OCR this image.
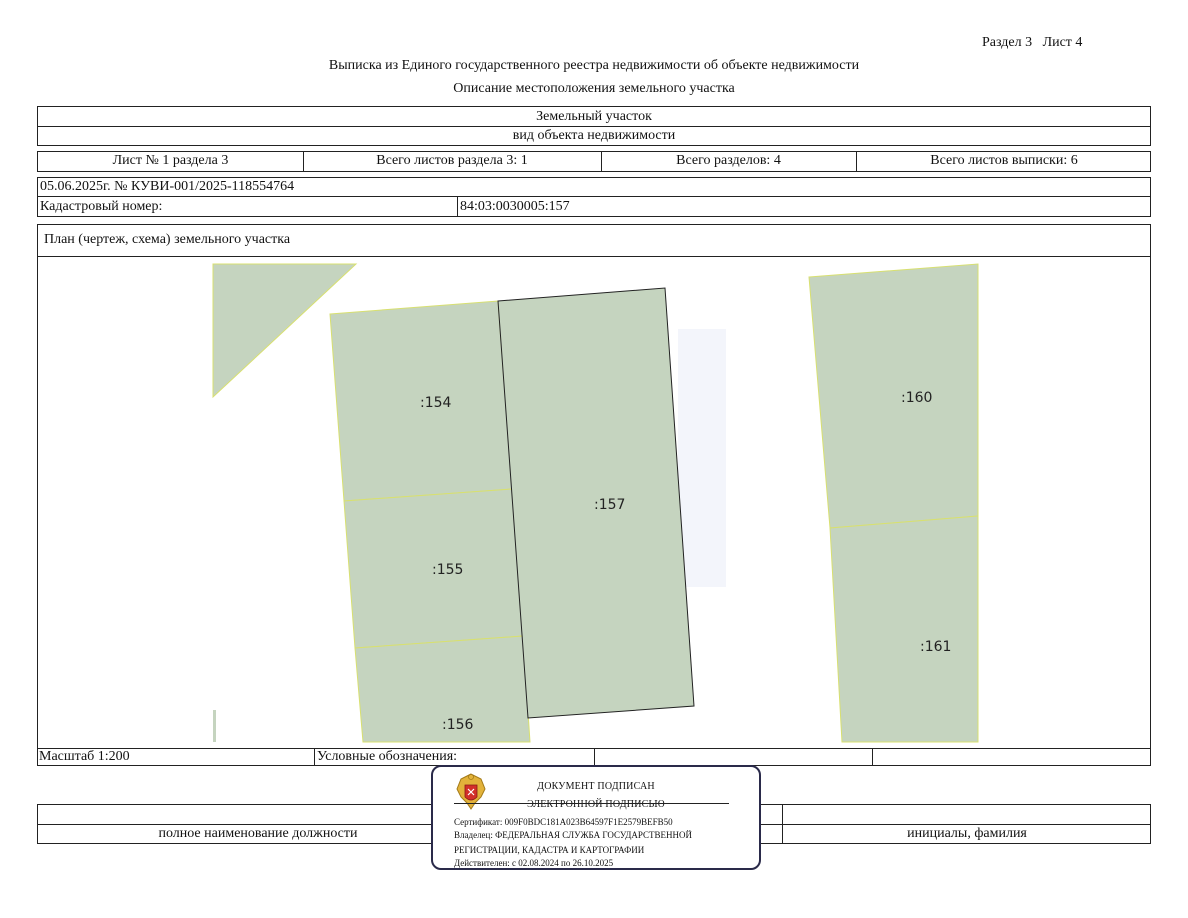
Раздел 3   Лист 4
Выписка из Единого государственного реестра недвижимости об объекте недвижимости
Описание местоположения земельного участка
Земельный участок
вид объекта недвижимости
Лист № 1 раздела 3	Всего листов раздела 3: 1	Всего разделов: 4	Всего листов выписки: 6
05.06.2025г. № КУВИ-001/2025-118554764
Кадастровый номер:	84:03:0030005:157
План (чертеж, схема) земельного участка
:154
:155
:156
:157
:160
:161
Масштаб 1:200	Условные обозначения:
полное наименование должности	инициалы, фамилия
ДОКУМЕНТ ПОДПИСАН
ЭЛЕКТРОННОЙ ПОДПИСЬЮ
Сертификат: 009F0BDC181A023B64597F1E2579BEFB50
Владелец: ФЕДЕРАЛЬНАЯ СЛУЖБА ГОСУДАРСТВЕННОЙ
РЕГИСТРАЦИИ, КАДАСТРА И КАРТОГРАФИИ
Действителен: с 02.08.2024 по 26.10.2025
